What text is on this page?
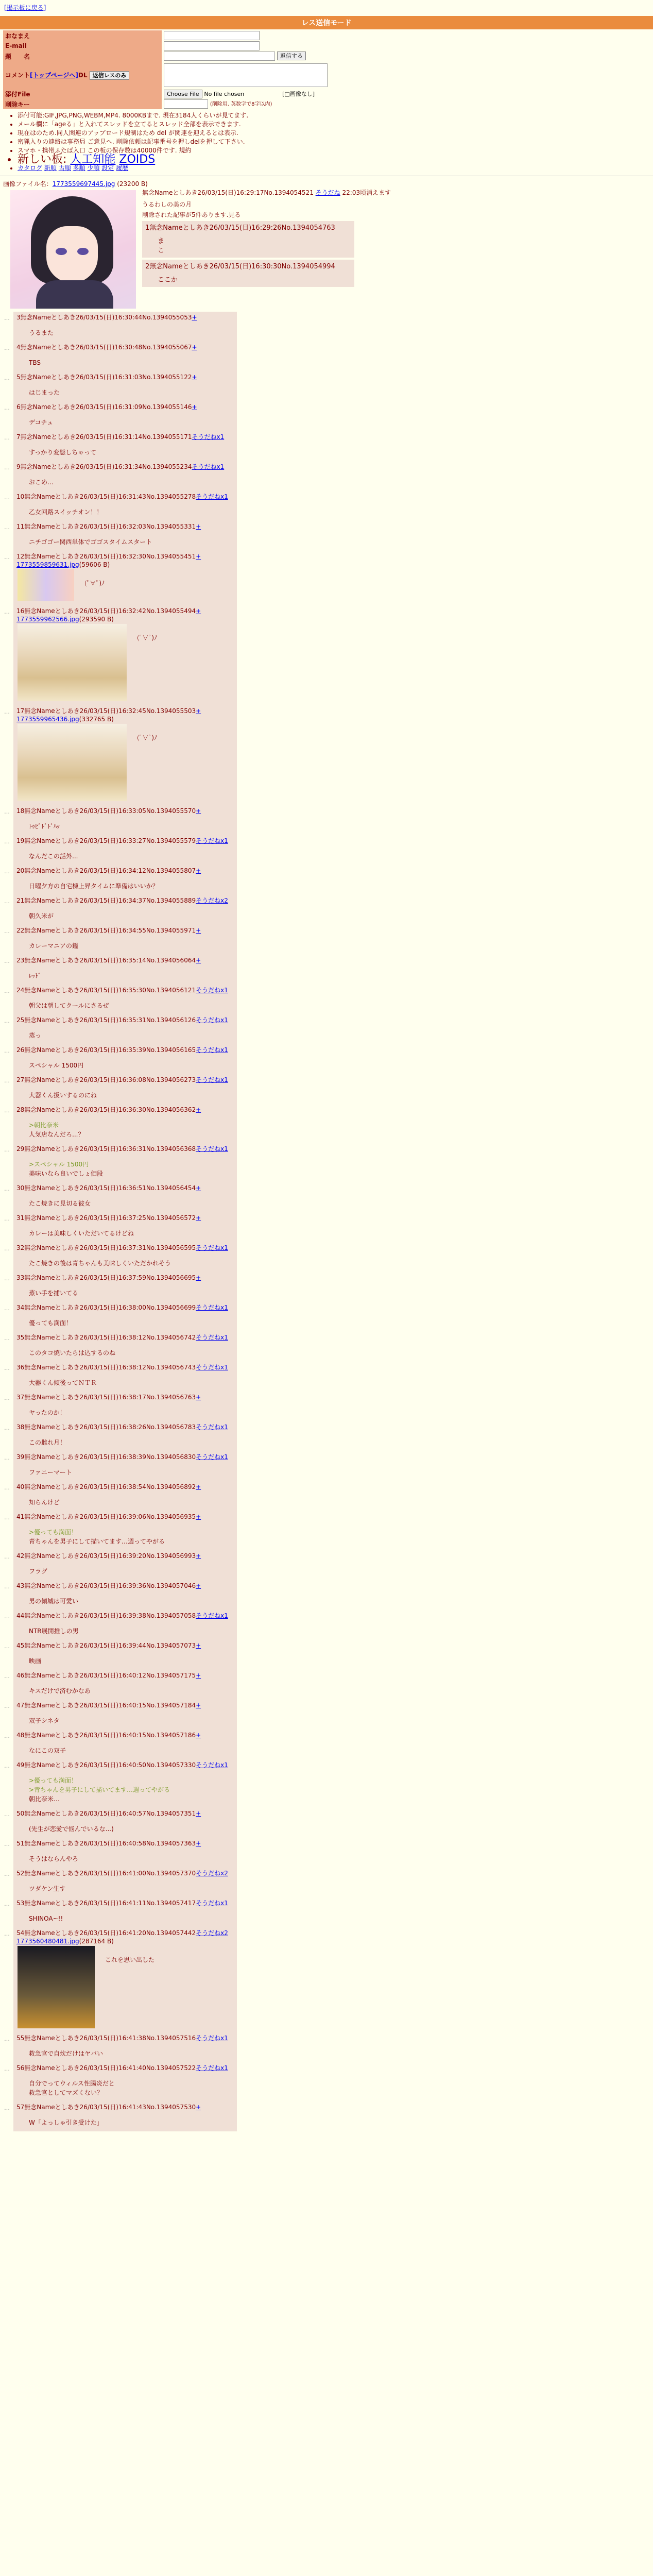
[掲示板に戻る]
レス送信モード
おなまえ	
E-mail	
題　　名	返信する
コメント[トップページへ]DL 返信レスのみ	

添付File	Choose File No file chosen [□画像なし]
削除キー	(削除用. 英数字で8字以内)
• 添付可能:GIF,JPG,PNG,WEBM,MP4. 8000KBまで. 現在3184人くらいが見てます.
• メール欄に「ageる」と入れてスレッドを立てるとスレッド全部を表示できます.
• 現在はのため.同人関連のアップロード規制はため del が関連を迎えるとは表示.
• 密猟入りの連絡は事務局 ご意見へ. 削除依頼は記事番号を押しdelを押して下さい.
• スマホ・携帯ふたば入口 この板の保存数は40000件です. 規約
• 新しい板: 人工知能 ZOIDS
• カタログ 新順 古順 多順 少順 設定 履歴
画像ファイル名：1773559697445.jpg (23200 B)
無念Nameとしあき26/03/15(日)16:29:17No.1394054521 そうだね 22:03頃消えます
うるわしの美の月
削除された記事が5件あります.見る
1無念Nameとしあき26/03/15(日)16:29:26No.1394054763
ま
こ

2無念Nameとしあき26/03/15(日)16:30:30No.1394054994
ここか
… 3無念Nameとしあき26/03/15(日)16:30:44No.1394055053+
うるまた
… 4無念Nameとしあき26/03/15(日)16:30:48No.1394055067+
TBS
… 5無念Nameとしあき26/03/15(日)16:31:03No.1394055122+
はじまった
… 6無念Nameとしあき26/03/15(日)16:31:09No.1394055146+
デコチュ
… 7無念Nameとしあき26/03/15(日)16:31:14No.1394055171そうだねx1
すっかり変態しちゃって
… 9無念Nameとしあき26/03/15(日)16:31:34No.1394055234そうだねx1
おこめ…
… 10無念Nameとしあき26/03/15(日)16:31:43No.1394055278そうだねx1
乙女回路スイッチオン！！
… 11無念Nameとしあき26/03/15(日)16:32:03No.1394055331+
ニチゴゴー関西単体でゴゴスタイムスタート
… 12無念Nameとしあき26/03/15(日)16:32:30No.1394055451+
1773559859631.jpg(59606 B)
(ﾟ∀ﾟ)ﾉ
… 16無念Nameとしあき26/03/15(日)16:32:42No.1394055494+
1773559962566.jpg(293590 B)
(ﾟ∀ﾟ)ﾉ
… 17無念Nameとしあき26/03/15(日)16:32:45No.1394055503+
1773559965436.jpg(332765 B)
(ﾟ∀ﾟ)ﾉ
… 18無念Nameとしあき26/03/15(日)16:33:05No.1394055570+
ﾄｩﾋﾞﾄﾞﾄﾞﾊｯ
… 19無念Nameとしあき26/03/15(日)16:33:27No.1394055579そうだねx1
なんだこの話外...
… 20無念Nameとしあき26/03/15(日)16:34:12No.1394055807+
日曜夕方の自宅棟上昇タイムに準備はいいか？
… 21無念Nameとしあき26/03/15(日)16:34:37No.1394055889そうだねx2
朝久米が
… 22無念Nameとしあき26/03/15(日)16:34:55No.1394055971+
カレーマニアの鑑
… 23無念Nameとしあき26/03/15(日)16:35:14No.1394056064+
ﾚｯﾄﾞ
… 24無念Nameとしあき26/03/15(日)16:35:30No.1394056121そうだねx1
朝父は朝してクールにさるぜ
… 25無念Nameとしあき26/03/15(日)16:35:31No.1394056126そうだねx1
蒸っ
… 26無念Nameとしあき26/03/15(日)16:35:39No.1394056165そうだねx1
スペシャル 1500円
… 27無念Nameとしあき26/03/15(日)16:36:08No.1394056273そうだねx1
大器くん扱いするのにね
… 28無念Nameとしあき26/03/15(日)16:36:30No.1394056362+
>朝比奈米
人気店なんだろ...？
… 29無念Nameとしあき26/03/15(日)16:36:31No.1394056368そうだねx1
>スペシャル 1500円
美味いなら良いでしょ価段
… 30無念Nameとしあき26/03/15(日)16:36:51No.1394056454+
たこ焼きに見切る彼女
… 31無念Nameとしあき26/03/15(日)16:37:25No.1394056572+
カレーは美味しくいただいてるけどね
… 32無念Nameとしあき26/03/15(日)16:37:31No.1394056595そうだねx1
たこ焼きの後は青ちゃんも美味しくいただかれそう
… 33無念Nameとしあき26/03/15(日)16:37:59No.1394056695+
蒸い手を捕いてる
… 34無念Nameとしあき26/03/15(日)16:38:00No.1394056699そうだねx1
優っても満面！
… 35無念Nameとしあき26/03/15(日)16:38:12No.1394056742そうだねx1
このタコ焼いたらは込するのね
… 36無念Nameとしあき26/03/15(日)16:38:12No.1394056743そうだねx1
大器くん傾後ってＮＴＲ
… 37無念Nameとしあき26/03/15(日)16:38:17No.1394056763+
ヤったのか！
… 38無念Nameとしあき26/03/15(日)16:38:26No.1394056783そうだねx1
この雌れ月！
… 39無念Nameとしあき26/03/15(日)16:38:39No.1394056830そうだねx1
ファニーマート
… 40無念Nameとしあき26/03/15(日)16:38:54No.1394056892+
知らんけど
… 41無念Nameとしあき26/03/15(日)16:39:06No.1394056935+
>優っても満面！
青ちゃんを男子にして描いてます…週ってやがる
… 42無念Nameとしあき26/03/15(日)16:39:20No.1394056993+
フラグ
… 43無念Nameとしあき26/03/15(日)16:39:36No.1394057046+
男の傾城は可愛い
… 44無念Nameとしあき26/03/15(日)16:39:38No.1394057058そうだねx1
NTR展開推しの男
… 45無念Nameとしあき26/03/15(日)16:39:44No.1394057073+
映画
… 46無念Nameとしあき26/03/15(日)16:40:12No.1394057175+
キスだけで済むかなあ
… 47無念Nameとしあき26/03/15(日)16:40:15No.1394057184+
双子シネタ
… 48無念Nameとしあき26/03/15(日)16:40:15No.1394057186+
なにこの双子
… 49無念Nameとしあき26/03/15(日)16:40:50No.1394057330そうだねx1
>優っても満面！
>青ちゃんを男子にして描いてます…週ってやがる
朝比奈米…
… 50無念Nameとしあき26/03/15(日)16:40:57No.1394057351+
(先生が恋愛で悩んでいるな...)
… 51無念Nameとしあき26/03/15(日)16:40:58No.1394057363+
そうはならんやろ
… 52無念Nameとしあき26/03/15(日)16:41:00No.1394057370そうだねx2
ツダケン生す
… 53無念Nameとしあき26/03/15(日)16:41:11No.1394057417そうだねx1
SHINOA~!!
… 54無念Nameとしあき26/03/15(日)16:41:20No.1394057442そうだねx2
1773560480481.jpg(287164 B)
これを思い出した
… 55無念Nameとしあき26/03/15(日)16:41:38No.1394057516そうだねx1
救急官で自炊だけはヤバい
… 56無念Nameとしあき26/03/15(日)16:41:40No.1394057522そうだねx1
自分でってウィルス性腸炎だと
救急官としてマズくない？
… 57無念Nameとしあき26/03/15(日)16:41:43No.1394057530+
W「よっしゃ引き受けた」
